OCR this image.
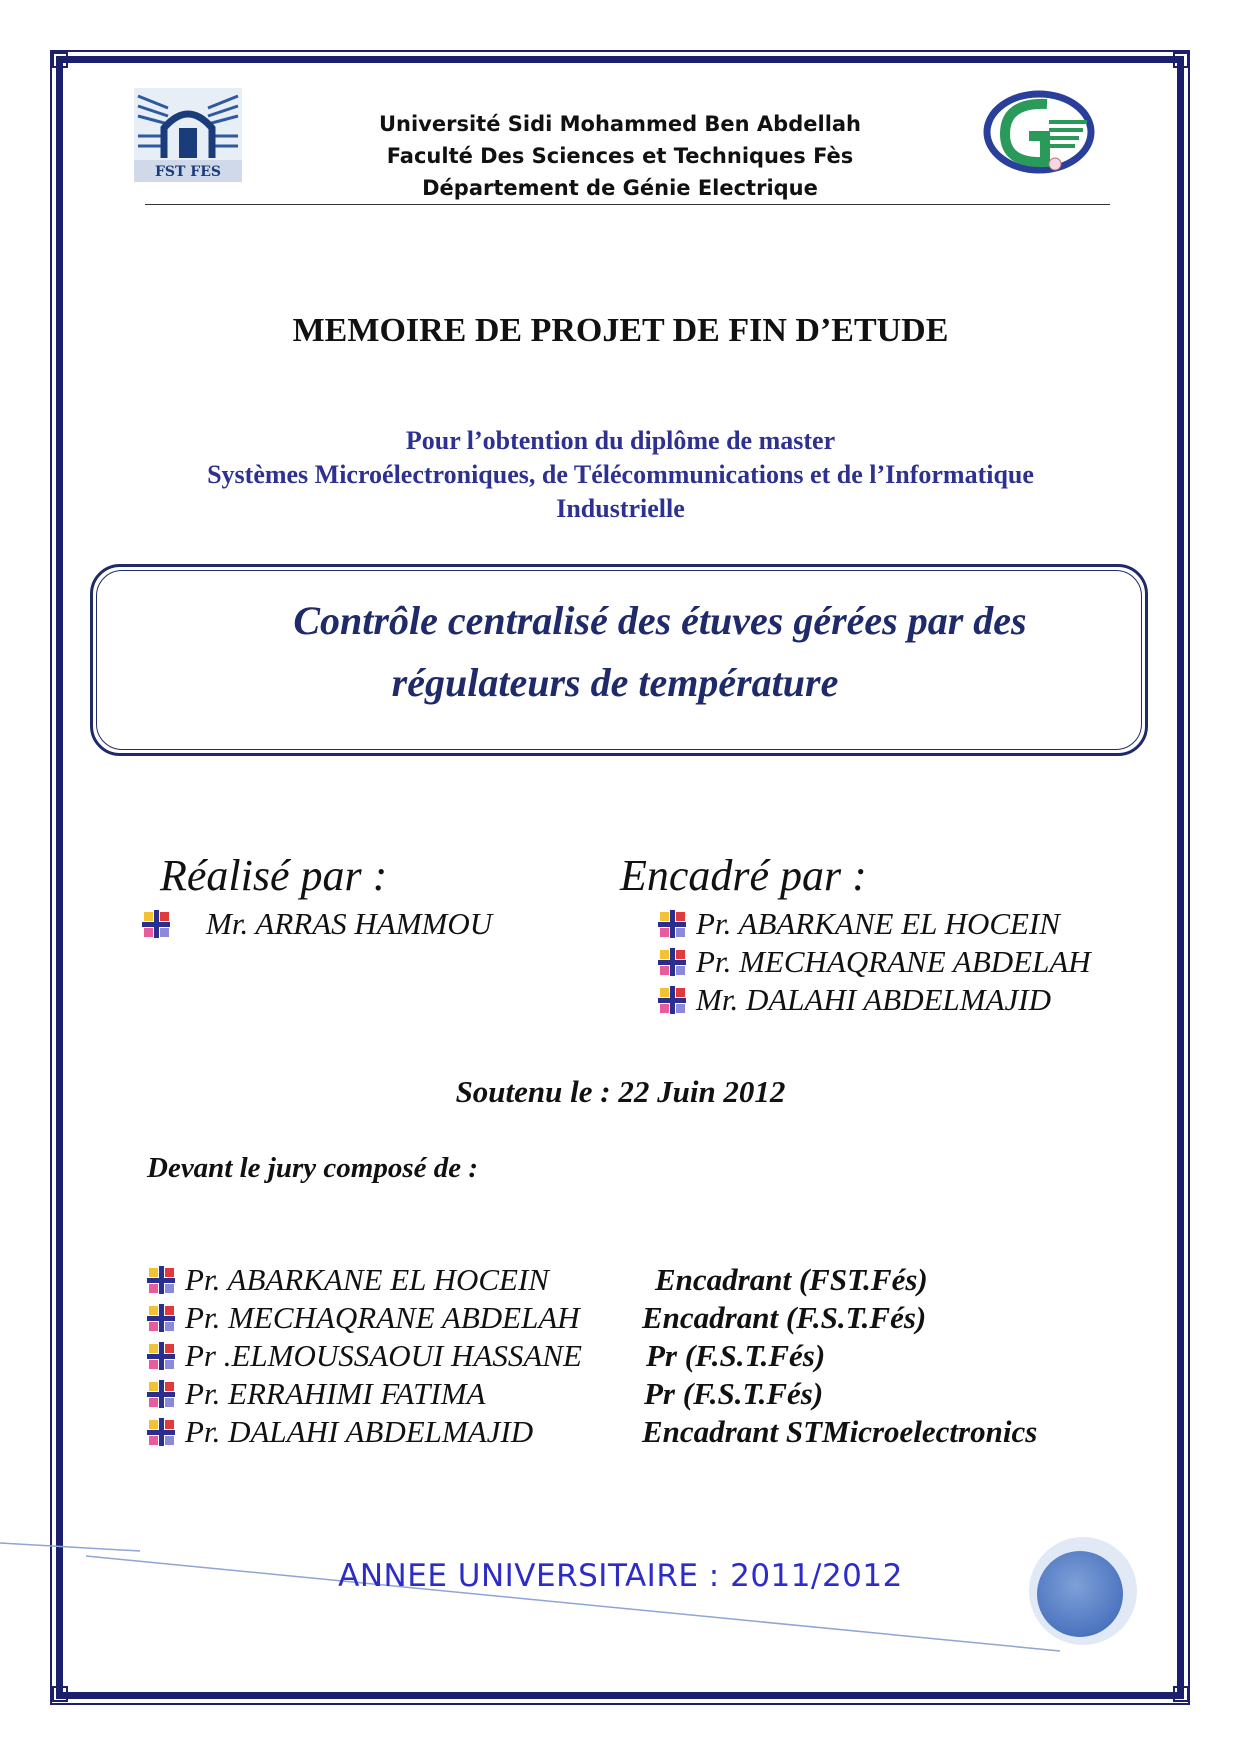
FST FES
Université Sidi Mohammed Ben Abdellah
Faculté Des Sciences et Techniques Fès
Département de Génie Electrique
MEMOIRE DE PROJET DE FIN D’ETUDE
Pour l’obtention du diplôme de master
Systèmes Microélectroniques, de Télécommunications et de l’Informatique
Industrielle
Contrôle centralisé des étuves gérées par des
régulateurs de température
Réalisé par :
Mr. ARRAS HAMMOU
Encadré par :
Pr. ABARKANE EL HOCEIN
Pr. MECHAQRANE ABDELAH
Mr. DALAHI ABDELMAJID
Soutenu le : 22 Juin 2012
Devant le jury composé de :
Pr. ABARKANE EL HOCEIN	Encadrant (FST.Fés)
Pr. MECHAQRANE ABDELAH Encadrant (F.S.T.Fés)
Pr .ELMOUSSAOUI HASSANE Pr (F.S.T.Fés)
Pr. ERRAHIMI FATIMA	Pr (F.S.T.Fés)
Pr. DALAHI ABDELMAJID	Encadrant STMicroelectronics
ANNEE UNIVERSITAIRE : 2011/2012
